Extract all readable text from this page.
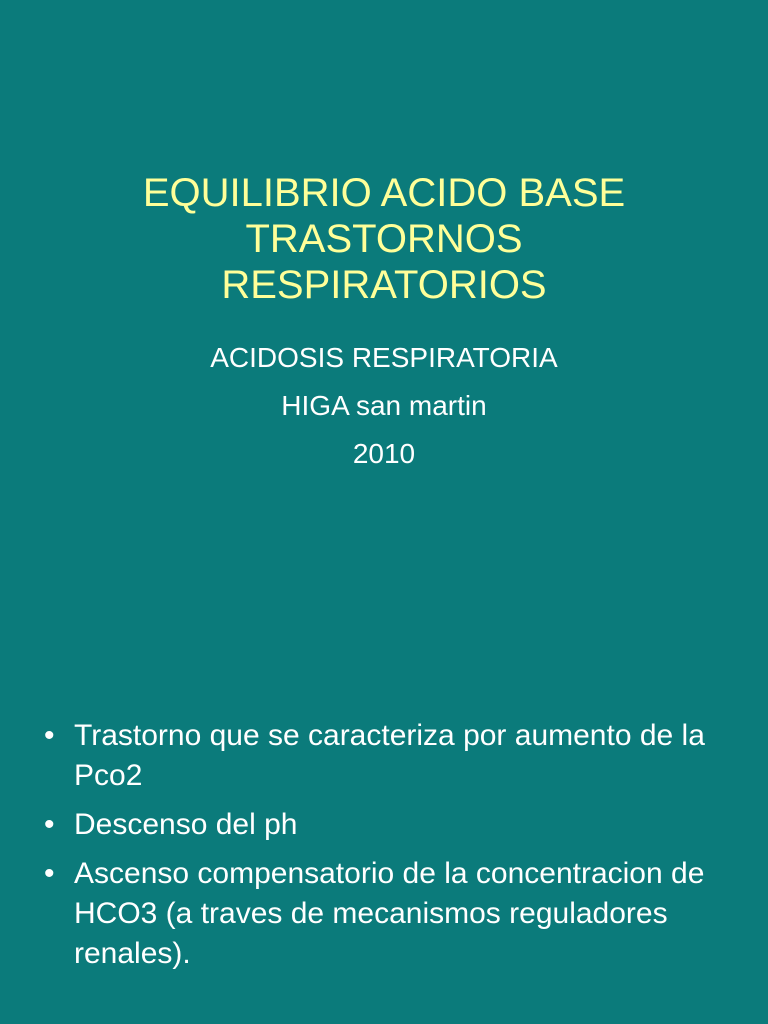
EQUILIBRIO ACIDO BASE
TRASTORNOS
RESPIRATORIOS
ACIDOSIS RESPIRATORIA
HIGA san martin
2010
• Trastorno que se caracteriza por aumento de la Pco2
• Descenso del ph
• Ascenso compensatorio de la concentracion de HCO3 (a traves de mecanismos reguladores renales).
